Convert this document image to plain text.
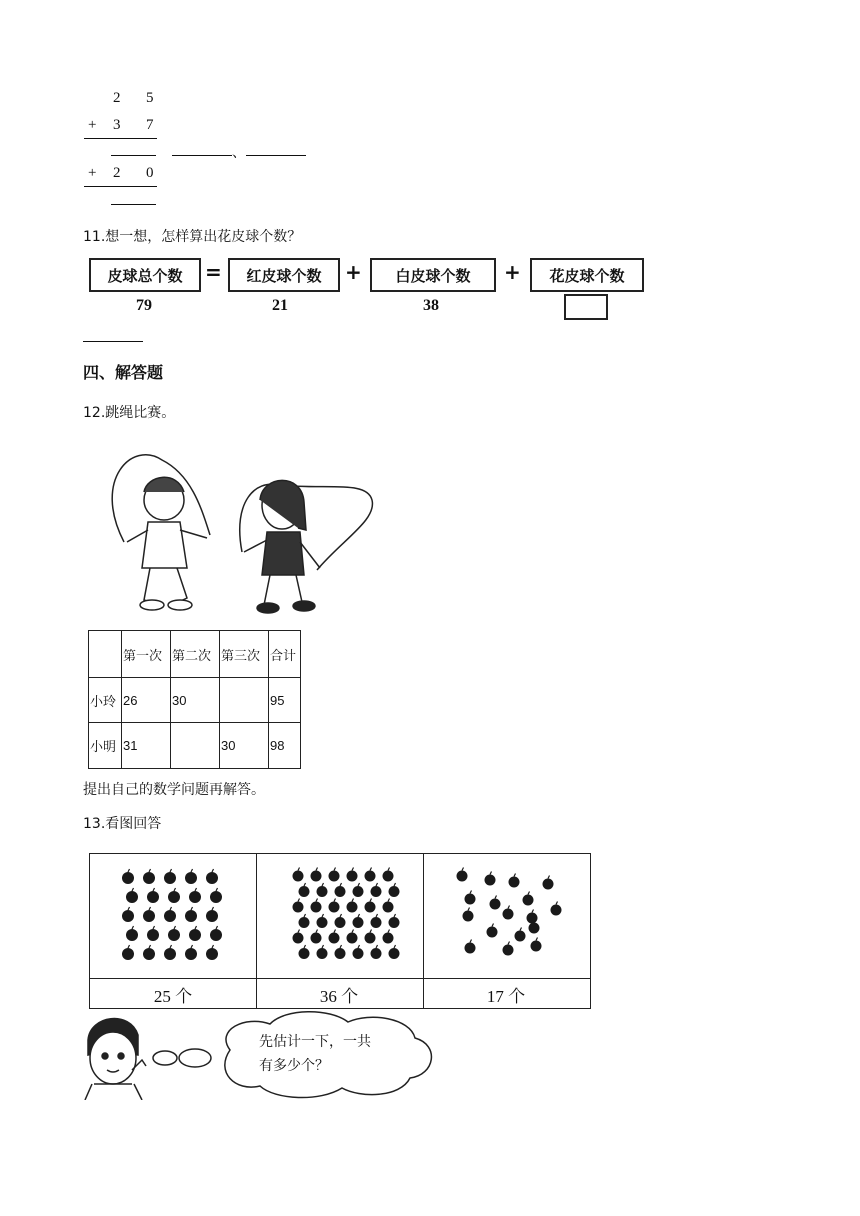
2 5
+ 3 7
、
+ 2 0
11.想一想，怎样算出花皮球个数？
皮球总个数	=	红皮球个数	+	白皮球个数	+	花皮球个数
79	21	38
四、解答题
12.跳绳比赛。
	第一次	第二次	第三次	合计
小玲	26	30		95
小明	31		30	98
提出自己的数学问题再解答。
13.看图回答
25 个	36 个	17 个
先估计一下，一共
有多少个？
